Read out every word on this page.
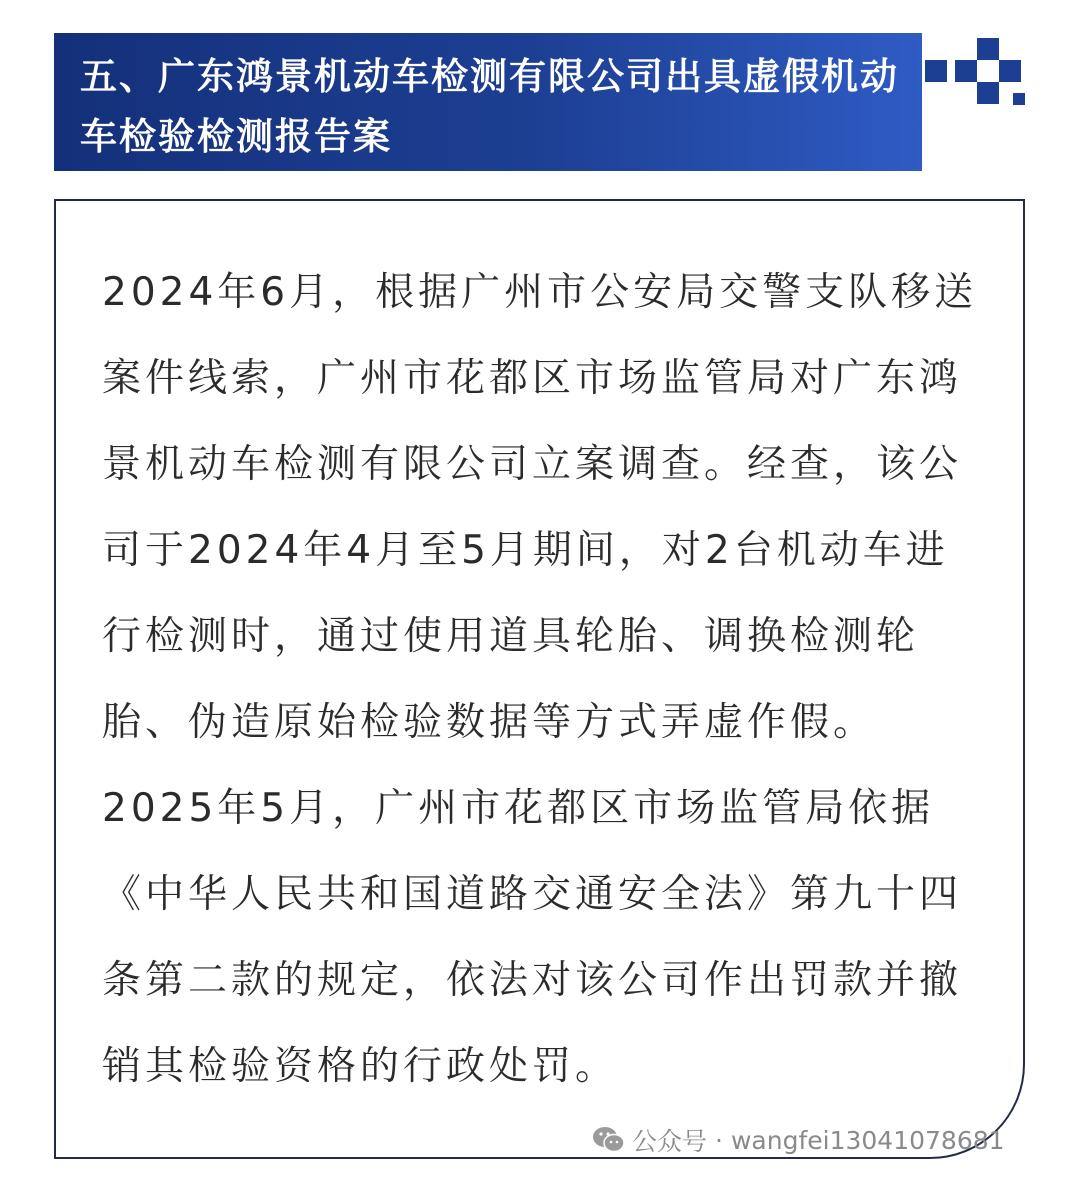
五、广东鸿景机动车检测有限公司出具虚假机动车检验检测报告案

2024年6月，根据广州市公安局交警支队移送案件线索，广州市花都区市场监管局对广东鸿景机动车检测有限公司立案调查。经查，该公司于2024年4月至5月期间，对2台机动车进行检测时，通过使用道具轮胎、调换检测轮胎、伪造原始检验数据等方式弄虚作假。2025年5月，广州市花都区市场监管局依据《中华人民共和国道路交通安全法》第九十四条第二款的规定，依法对该公司作出罚款并撤销其检验资格的行政处罚。

公众号 · wangfei13041078681
